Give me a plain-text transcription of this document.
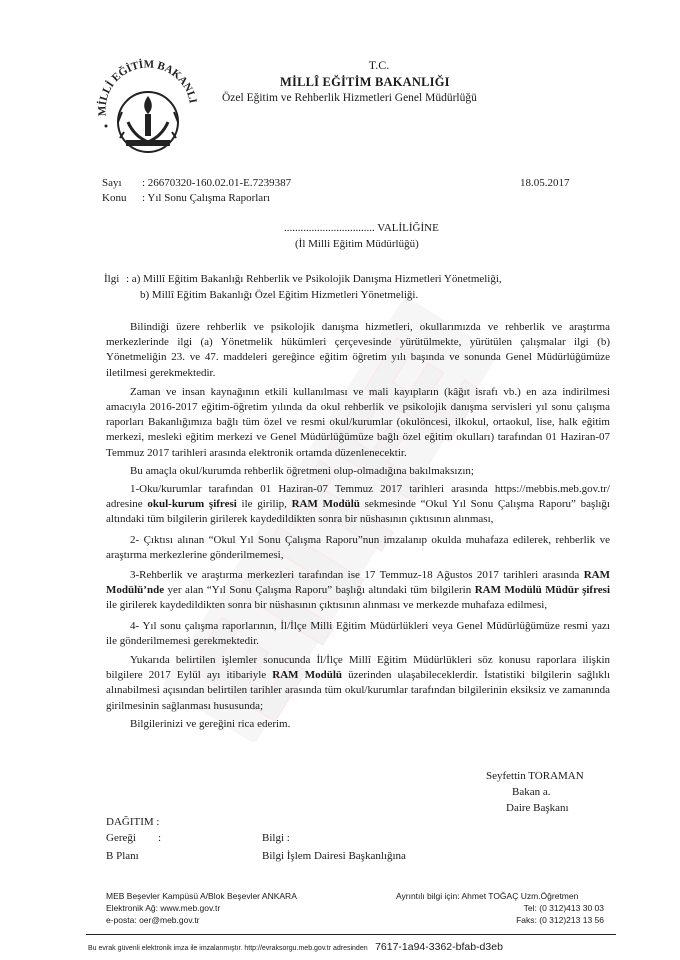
MİLLİ EĞİTİM BAKANLI
T.C.
MİLLÎ EĞİTİM BAKANLIĞI
Özel Eğitim ve Rehberlik Hizmetleri Genel Müdürlüğü
Sayı : 26670320-160.02.01-E.7239387	18.05.2017
Konu : Yıl Sonu Çalışma Raporları
................................. VALİLİĞİNE
(İl Milli Eğitim Müdürlüğü)
İlgi : a) Millî Eğitim Bakanlığı Rehberlik ve Psikolojik Danışma Hizmetleri Yönetmeliği,
b) Millî Eğitim Bakanlığı Özel Eğitim Hizmetleri Yönetmeliği.
Bilindiği üzere rehberlik ve psikolojik danışma hizmetleri, okullarımızda ve rehberlik ve araştırma merkezlerinde ilgi (a) Yönetmelik hükümleri çerçevesinde yürütülmekte, yürütülen çalışmalar ilgi (b) Yönetmeliğin 23. ve 47. maddeleri gereğince eğitim öğretim yılı başında ve sonunda Genel Müdürlüğümüze iletilmesi gerekmektedir.
Zaman ve insan kaynağının etkili kullanılması ve mali kayıpların (kâğıt israfı vb.) en aza indirilmesi amacıyla 2016-2017 eğitim-öğretim yılında da okul rehberlik ve psikolojik danışma servisleri yıl sonu çalışma raporları Bakanlığımıza bağlı tüm özel ve resmi okul/kurumlar (okulöncesi, ilkokul, ortaokul, lise, halk eğitim merkezi, mesleki eğitim merkezi ve Genel Müdürlüğümüze bağlı özel eğitim okulları) tarafından 01 Haziran-07 Temmuz 2017 tarihleri arasında elektronik ortamda düzenlenecektir.
Bu amaçla okul/kurumda rehberlik öğretmeni olup-olmadığına bakılmaksızın;
1-Oku/kurumlar tarafından 01 Haziran-07 Temmuz 2017 tarihleri arasında https://mebbis.meb.gov.tr/ adresine okul-kurum şifresi ile girilip, RAM Modülü sekmesinde “Okul Yıl Sonu Çalışma Raporu” başlığı altındaki tüm bilgilerin girilerek kaydedildikten sonra bir nüshasının çıktısının alınması,
2- Çıktısı alınan “Okul Yıl Sonu Çalışma Raporu”nun imzalanıp okulda muhafaza edilerek, rehberlik ve araştırma merkezlerine gönderilmemesi,
3-Rehberlik ve araştırma merkezleri tarafından ise 17 Temmuz-18 Ağustos 2017 tarihleri arasında RAM Modülü’nde yer alan “Yıl Sonu Çalışma Raporu” başlığı altındaki tüm bilgilerin RAM Modülü Müdür şifresi ile girilerek kaydedildikten sonra bir nüshasının çıktısının alınması ve merkezde muhafaza edilmesi,
4- Yıl sonu çalışma raporlarının, İl/İlçe Milli Eğitim Müdürlükleri veya Genel Müdürlüğümüze resmi yazı ile gönderilmemesi gerekmektedir.
Yukarıda belirtilen işlemler sonucunda İl/İlçe Millî Eğitim Müdürlükleri söz konusu raporlara ilişkin bilgilere 2017 Eylül ayı itibariyle RAM Modülü üzerinden ulaşabileceklerdir. İstatistiki bilgilerin sağlıklı alınabilmesi açısından belirtilen tarihler arasında tüm okul/kurumlar tarafından bilgilerinin eksiksiz ve zamanında girilmesinin sağlanması hususunda;
Bilgilerinizi ve gereğini rica ederim.
Seyfettin TORAMAN
Bakan a.
Daire Başkanı
DAĞITIM :
Gereği :	Bilgi :
B Planı	Bilgi İşlem Dairesi Başkanlığına
MEB Beşevler Kampüsü A/Blok Beşevler ANKARA
Elektronik Ağ: www.meb.gov.tr
e-posta: oer@meb.gov.tr
Ayrıntılı bilgi için: Ahmet TOĞAÇ Uzm.Öğretmen
Tel: (0 312)413 30 03
Faks: (0 312)213 13 56
Bu evrak güvenli elektronik imza ile imzalanmıştır. http://evraksorgu.meb.gov.tr adresinden 7617-1a94-3362-bfab-d3eb
